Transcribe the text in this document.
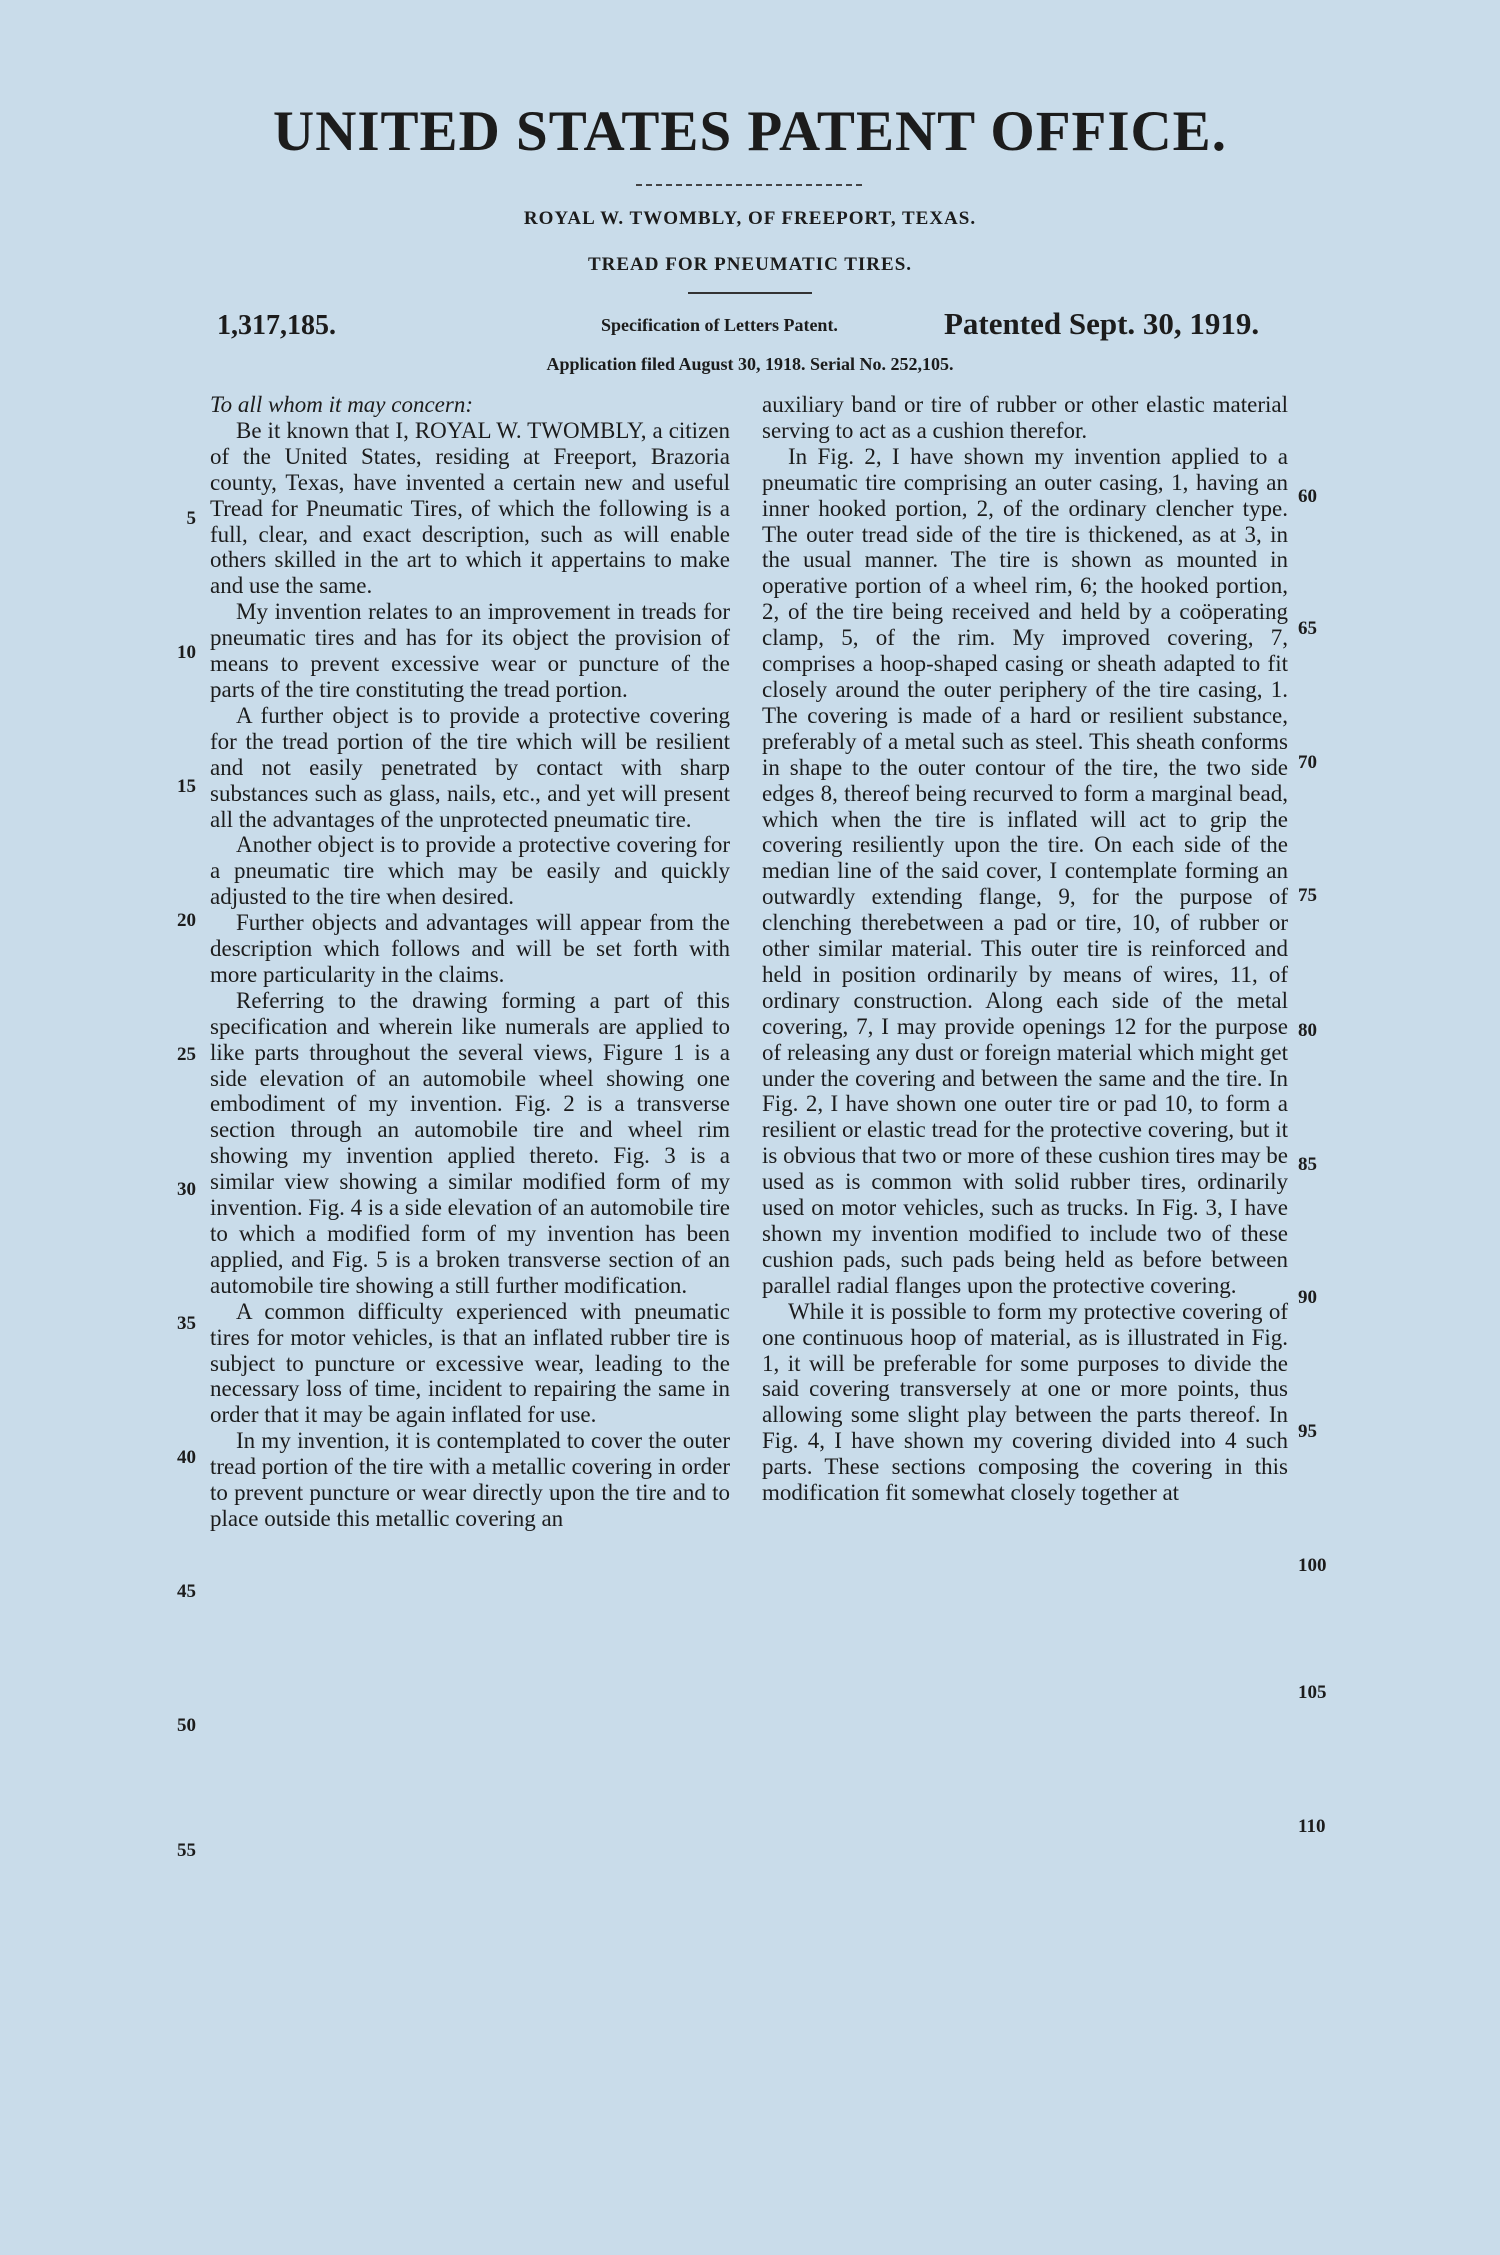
UNITED STATES PATENT OFFICE.
ROYAL W. TWOMBLY, OF FREEPORT, TEXAS.
TREAD FOR PNEUMATIC TIRES.
1,317,185.	Specification of Letters Patent.	Patented Sept. 30, 1919.
Application filed August 30, 1918. Serial No. 252,105.

To all whom it may concern:

Be it known that I, ROYAL W. TWOMBLY, a citizen of the United States, residing at Freeport, Brazoria county, Texas, have invented a certain new and useful Tread for Pneumatic Tires, of which the following is a full, clear, and exact description, such as will enable others skilled in the art to which it appertains to make and use the same.

My invention relates to an improvement in treads for pneumatic tires and has for its object the provision of means to prevent excessive wear or puncture of the parts of the tire constituting the tread portion.

A further object is to provide a protective covering for the tread portion of the tire which will be resilient and not easily penetrated by contact with sharp substances such as glass, nails, etc., and yet will present all the advantages of the unprotected pneumatic tire.

Another object is to provide a protective covering for a pneumatic tire which may be easily and quickly adjusted to the tire when desired.

Further objects and advantages will appear from the description which follows and will be set forth with more particularity in the claims.

Referring to the drawing forming a part of this specification and wherein like numerals are applied to like parts throughout the several views, Figure 1 is a side elevation of an automobile wheel showing one embodiment of my invention. Fig. 2 is a transverse section through an automobile tire and wheel rim showing my invention applied thereto. Fig. 3 is a similar view showing a similar modified form of my invention. Fig. 4 is a side elevation of an automobile tire to which a modified form of my invention has been applied, and Fig. 5 is a broken transverse section of an automobile tire showing a still further modification.

A common difficulty experienced with pneumatic tires for motor vehicles, is that an inflated rubber tire is subject to puncture or excessive wear, leading to the necessary loss of time, incident to repairing the same in order that it may be again inflated for use.

In my invention, it is contemplated to cover the outer tread portion of the tire with a metallic covering in order to prevent puncture or wear directly upon the tire and to place outside this metallic covering an

auxiliary band or tire of rubber or other elastic material serving to act as a cushion therefor.

In Fig. 2, I have shown my invention applied to a pneumatic tire comprising an outer casing, 1, having an inner hooked portion, 2, of the ordinary clencher type. The outer tread side of the tire is thickened, as at 3, in the usual manner. The tire is shown as mounted in operative portion of a wheel rim, 6; the hooked portion, 2, of the tire being received and held by a coöperating clamp, 5, of the rim. My improved covering, 7, comprises a hoop-shaped casing or sheath adapted to fit closely around the outer periphery of the tire casing, 1. The covering is made of a hard or resilient substance, preferably of a metal such as steel. This sheath conforms in shape to the outer contour of the tire, the two side edges 8, thereof being recurved to form a marginal bead, which when the tire is inflated will act to grip the covering resiliently upon the tire. On each side of the median line of the said cover, I contemplate forming an outwardly extending flange, 9, for the purpose of clenching therebetween a pad or tire, 10, of rubber or other similar material. This outer tire is reinforced and held in position ordinarily by means of wires, 11, of ordinary construction. Along each side of the metal covering, 7, I may provide openings 12 for the purpose of releasing any dust or foreign material which might get under the covering and between the same and the tire. In Fig. 2, I have shown one outer tire or pad 10, to form a resilient or elastic tread for the protective covering, but it is obvious that two or more of these cushion tires may be used as is common with solid rubber tires, ordinarily used on motor vehicles, such as trucks. In Fig. 3, I have shown my invention modified to include two of these cushion pads, such pads being held as before between parallel radial flanges upon the protective covering.

While it is possible to form my protective covering of one continuous hoop of material, as is illustrated in Fig. 1, it will be preferable for some purposes to divide the said covering transversely at one or more points, thus allowing some slight play between the parts thereof. In Fig. 4, I have shown my covering divided into 4 such parts. These sections composing the covering in this modification fit somewhat closely together at

5
10
15
20
25
30
35
40
45
50
55
60
65
70
75
80
85
90
95
100
105
110
